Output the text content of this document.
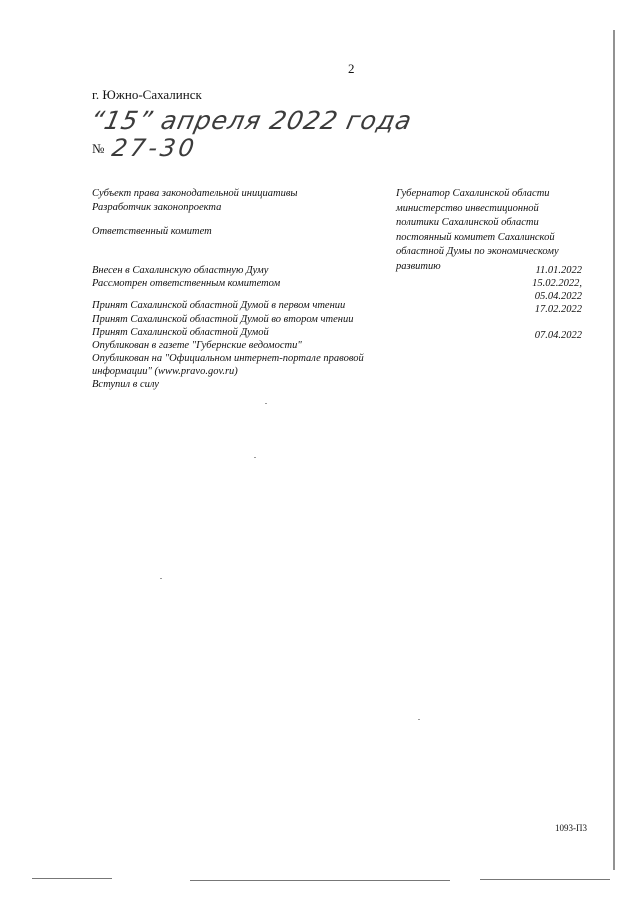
2
г. Южно-Сахалинск
“15” апреля 2022 года
№ 27-30
Субъект права законодательной инициативы
Разработчик законопроекта
Ответственный комитет
Губернатор Сахалинской области
министерство инвестиционной
политики Сахалинской области
постоянный комитет Сахалинской
областной Думы по экономическому
развитию
Внесен в Сахалинскую областную Думу
Рассмотрен ответственным комитетом
Принят Сахалинской областной Думой в первом чтении
Принят Сахалинской областной Думой во втором чтении
Принят Сахалинской областной Думой
Опубликован в газете "Губернские ведомости"
Опубликован на "Официальном интернет-портале правовой
информации" (www.pravo.gov.ru)
Вступил в силу
11.01.2022
15.02.2022,
05.04.2022
17.02.2022
07.04.2022
1093-П3
